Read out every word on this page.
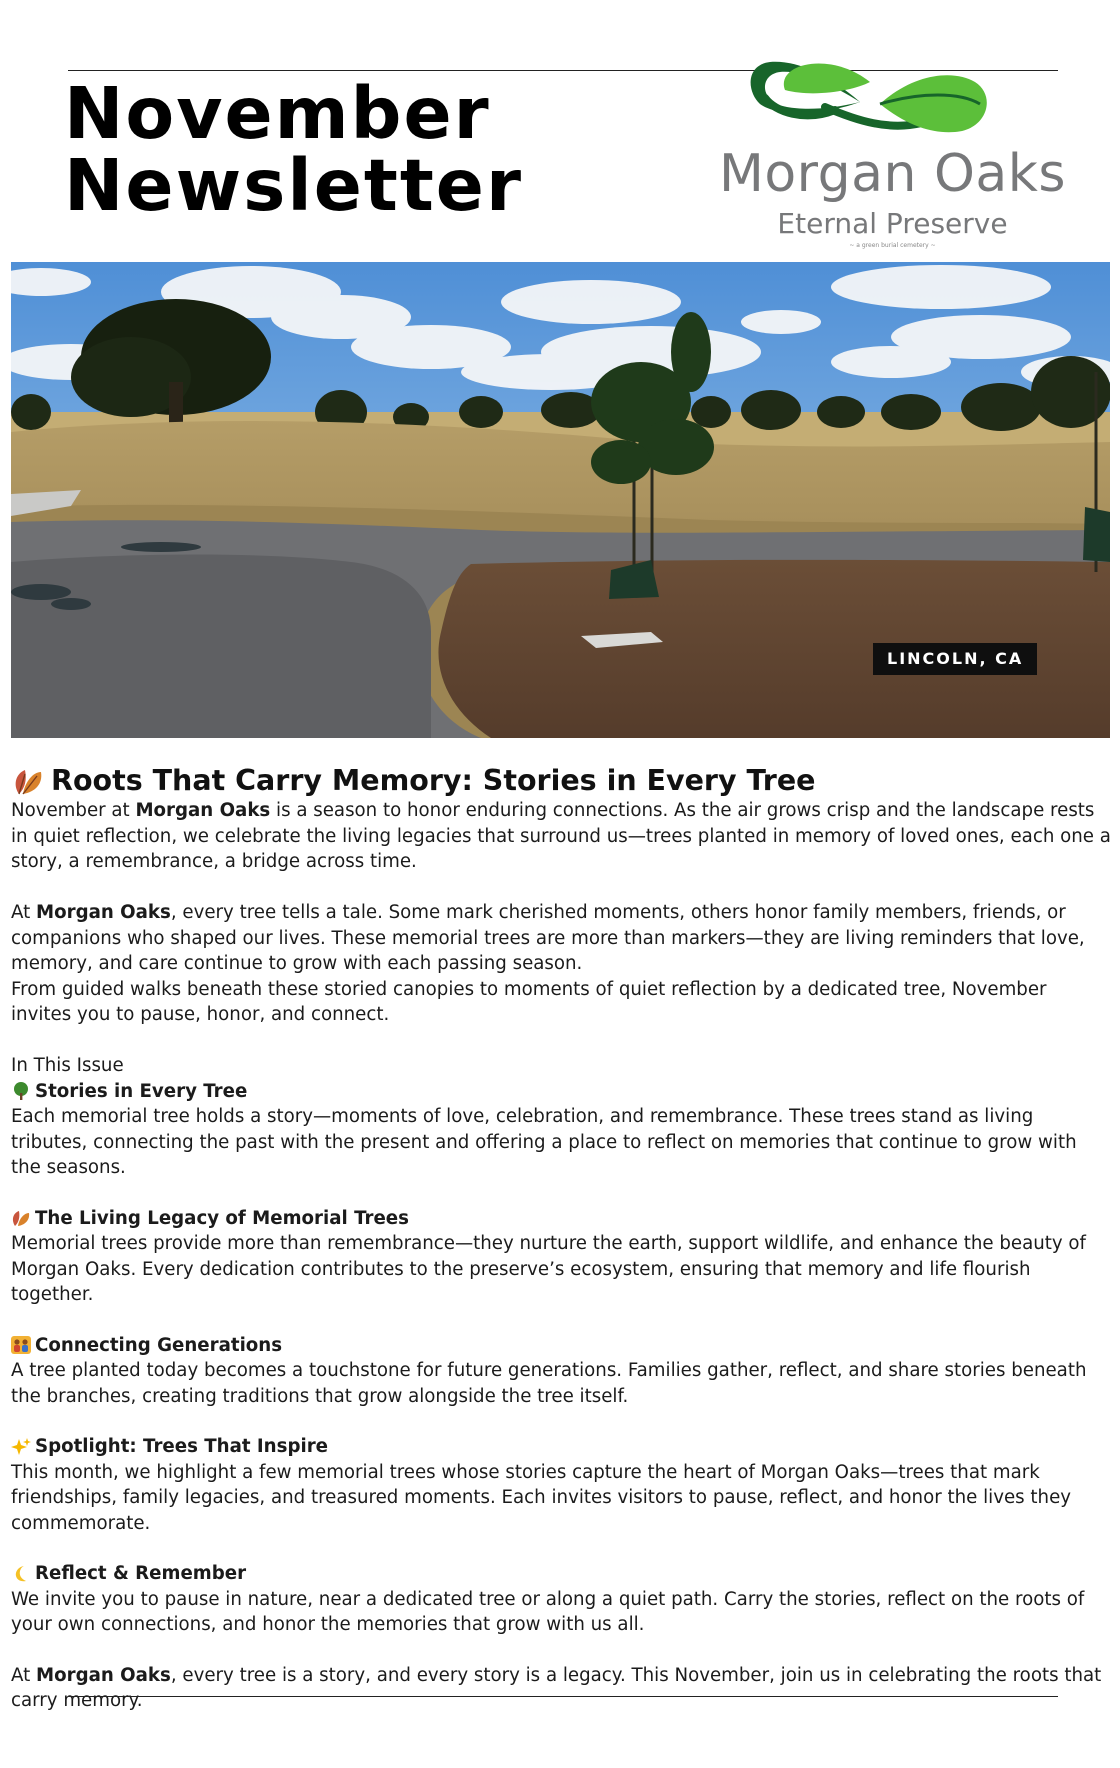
November
Newsletter	Morgan Oaks
Eternal Preserve
~ a green burial cemetery ~
LINCOLN, CA
Roots That Carry Memory: Stories in Every Tree

November at Morgan Oaks is a season to honor enduring connections. As the air grows crisp and the landscape rests in quiet reflection, we celebrate the living legacies that surround us—trees planted in memory of loved ones, each one a story, a remembrance, a bridge across time.

At Morgan Oaks, every tree tells a tale. Some mark cherished moments, others honor family members, friends, or companions who shaped our lives. These memorial trees are more than markers—they are living reminders that love, memory, and care continue to grow with each passing season.

From guided walks beneath these storied canopies to moments of quiet reflection by a dedicated tree, November invites you to pause, honor, and connect.

In This Issue

Stories in Every Tree

Each memorial tree holds a story—moments of love, celebration, and remembrance. These trees stand as living tributes, connecting the past with the present and offering a place to reflect on memories that continue to grow with the seasons.

The Living Legacy of Memorial Trees

Memorial trees provide more than remembrance—they nurture the earth, support wildlife, and enhance the beauty of Morgan Oaks. Every dedication contributes to the preserve’s ecosystem, ensuring that memory and life flourish together.

Connecting Generations

A tree planted today becomes a touchstone for future generations. Families gather, reflect, and share stories beneath the branches, creating traditions that grow alongside the tree itself.

Spotlight: Trees That Inspire

This month, we highlight a few memorial trees whose stories capture the heart of Morgan Oaks—trees that mark friendships, family legacies, and treasured moments. Each invites visitors to pause, reflect, and honor the lives they commemorate.

Reflect & Remember

We invite you to pause in nature, near a dedicated tree or along a quiet path. Carry the stories, reflect on the roots of your own connections, and honor the memories that grow with us all.

At Morgan Oaks, every tree is a story, and every story is a legacy. This November, join us in celebrating the roots that carry memory.
